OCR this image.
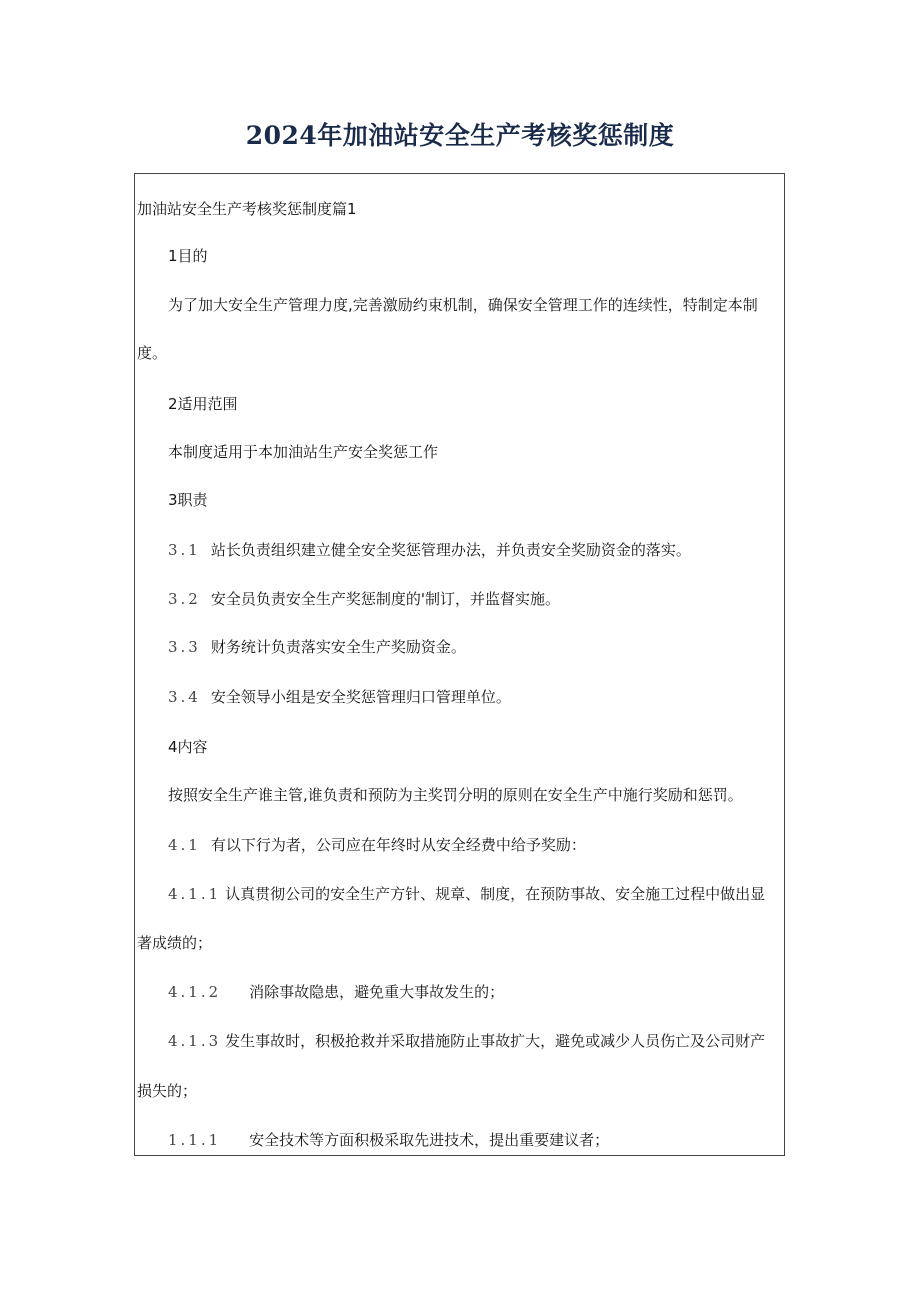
2024年加油站安全生产考核奖惩制度
加油站安全生产考核奖惩制度篇1
1目的
为了加大安全生产管理力度,完善激励约束机制，确保安全管理工作的连续性，特制定本制
度。
2适用范围
本制度适用于本加油站生产安全奖惩工作
3职责
3.1 站长负责组织建立健全安全奖惩管理办法，并负责安全奖励资金的落实。
3.2 安全员负责安全生产奖惩制度的'制订，并监督实施。
3.3 财务统计负责落实安全生产奖励资金。
3.4 安全领导小组是安全奖惩管理归口管理单位。
4内容
按照安全生产谁主管,谁负责和预防为主奖罚分明的原则在安全生产中施行奖励和惩罚。
4.1 有以下行为者，公司应在年终时从安全经费中给予奖励：
4.1.1 认真贯彻公司的安全生产方针、规章、制度，在预防事故、安全施工过程中做出显
著成绩的；
4.1.2 消除事故隐患，避免重大事故发生的；
4.1.3 发生事故时，积极抢救并采取措施防止事故扩大，避免或减少人员伤亡及公司财产
损失的；
1.1.1 安全技术等方面积极采取先进技术，提出重要建议者；
